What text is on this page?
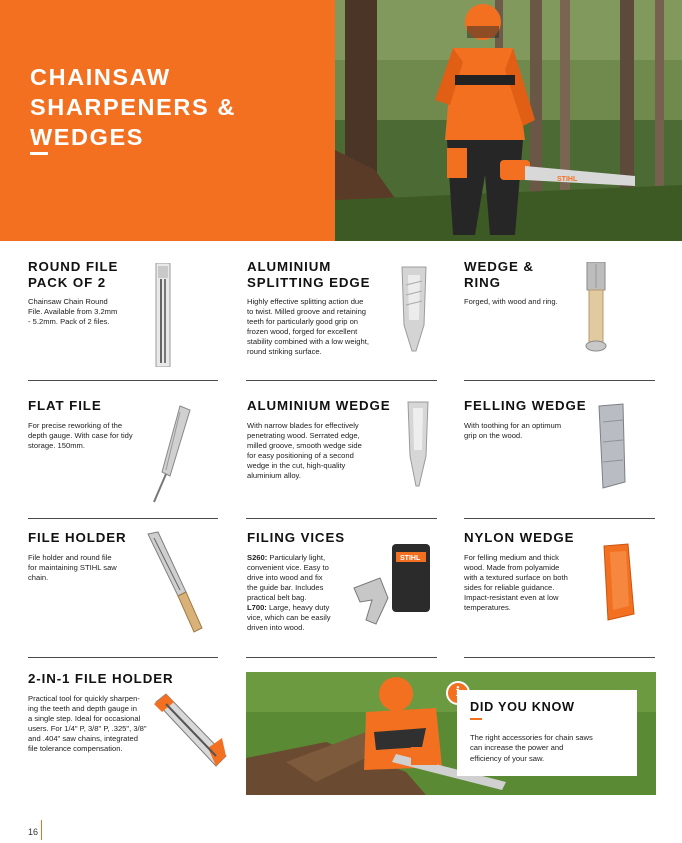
CHAINSAW
SHARPENERS &
WEDGES
STIHL
ROUND FILE
PACK OF 2
Chainsaw Chain Round
File. Available from 3.2mm
- 5.2mm. Pack of 2 files.
ALUMINIUM
SPLITTING EDGE
Highly effective splitting action due
to twist. Milled groove and retaining
teeth for particularly good grip on
frozen wood, forged for excellent
stability combined with a low weight,
round striking surface.
WEDGE &
RING
Forged, with wood and ring.
FLAT FILE
For precise reworking of the
depth gauge. With case for tidy
storage. 150mm.
ALUMINIUM WEDGE
With narrow blades for effectively
penetrating wood. Serrated edge,
milled groove, smooth wedge side
for easy positioning of a second
wedge in the cut, high-quality
aluminium alloy.
FELLING WEDGE
With toothing for an optimum
grip on the wood.
FILE HOLDER
File holder and round file
for maintaining STIHL saw
chain.
FILING VICES
S260: Particularly light,
convenient vice. Easy to
drive into wood and fix
the guide bar. Includes
practical belt bag.
L700: Large, heavy duty
vice, which can be easily
driven into wood.
STIHL
NYLON WEDGE
For felling medium and thick
wood. Made from polyamide
with a textured surface on both
sides for reliable guidance.
Impact-resistant even at low
temperatures.
2-IN-1 FILE HOLDER
Practical tool for quickly sharpen-
ing the teeth and depth gauge in
a single step. Ideal for occasional
users. For 1/4" P, 3/8" P, .325", 3/8"
and .404" saw chains, integrated
file tolerance compensation.
DID YOU KNOW
The right accessories for chain saws
can increase the power and
efficiency of your saw.
16
